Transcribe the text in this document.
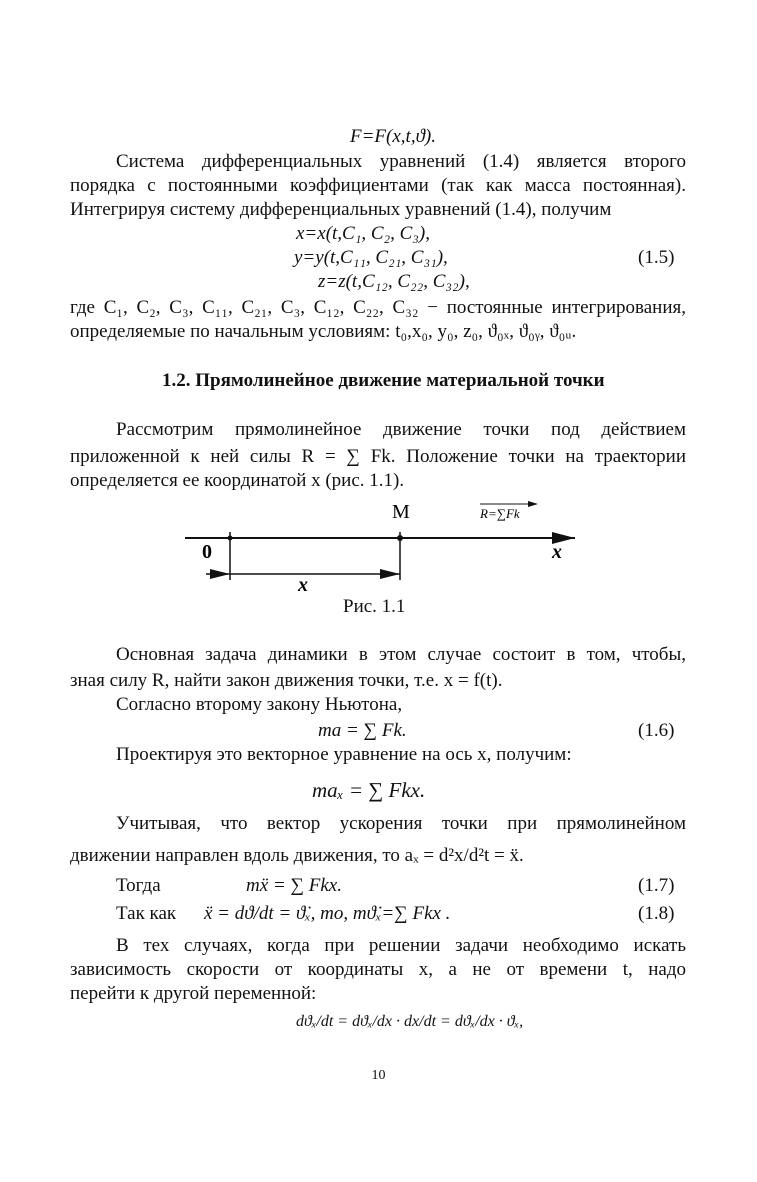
F=F(x,t,ϑ).
Система дифференциальных уравнений (1.4) является второго
порядка с постоянными коэффициентами (так как масса постоянная).
Интегрируя систему дифференциальных уравнений (1.4), получим
x=x(t,C₁, C₂, C₃),
y=y(t,C₁₁, C₂₁, C₃₁),	(1.5)
z=z(t,C₁₂, C₂₂, C₃₂),
где C₁, C₂, C₃, C₁₁, C₂₁, C₃, C₁₂, C₂₂, C₃₂ − постоянные интегрирования,
определяемые по начальным условиям: t₀,x₀, y₀, z₀, ϑ₀ₓ, ϑ₀ᵧ, ϑ₀ᵤ.
1.2. Прямолинейное движение материальной точки
Рассмотрим прямолинейное движение точки под действием
приложенной к ней силы R = ∑ Fk. Положение точки на траектории
определяется ее координатой x (рис. 1.1).
M	R=∑Fk
0	x
x
Рис. 1.1
Основная задача динамики в этом случае состоит в том, чтобы,
зная силу R, найти закон движения точки, т.е. x = f(t).
Согласно второму закону Ньютона,
ma = ∑ Fk.	(1.6)
Проектируя это векторное уравнение на ось x, получим:
maₓ = ∑ Fkx.
Учитывая, что вектор ускорения точки при прямолинейном
движении направлен вдоль движения, то aₓ = d²x/d²t = ẍ.
Тогда	mẍ = ∑ Fkx.	(1.7)
Так как ẍ = dϑ/dt = ϑ̇ₓ, то, mϑ̇ₓ=∑ Fkx .	(1.8)
В тех случаях, когда при решении задачи необходимо искать
зависимость скорости от координаты x, а не от времени t, надо
перейти к другой переменной:
dϑₓ/dt = dϑₓ/dx · dx/dt = dϑₓ/dx · ϑₓ,
10
